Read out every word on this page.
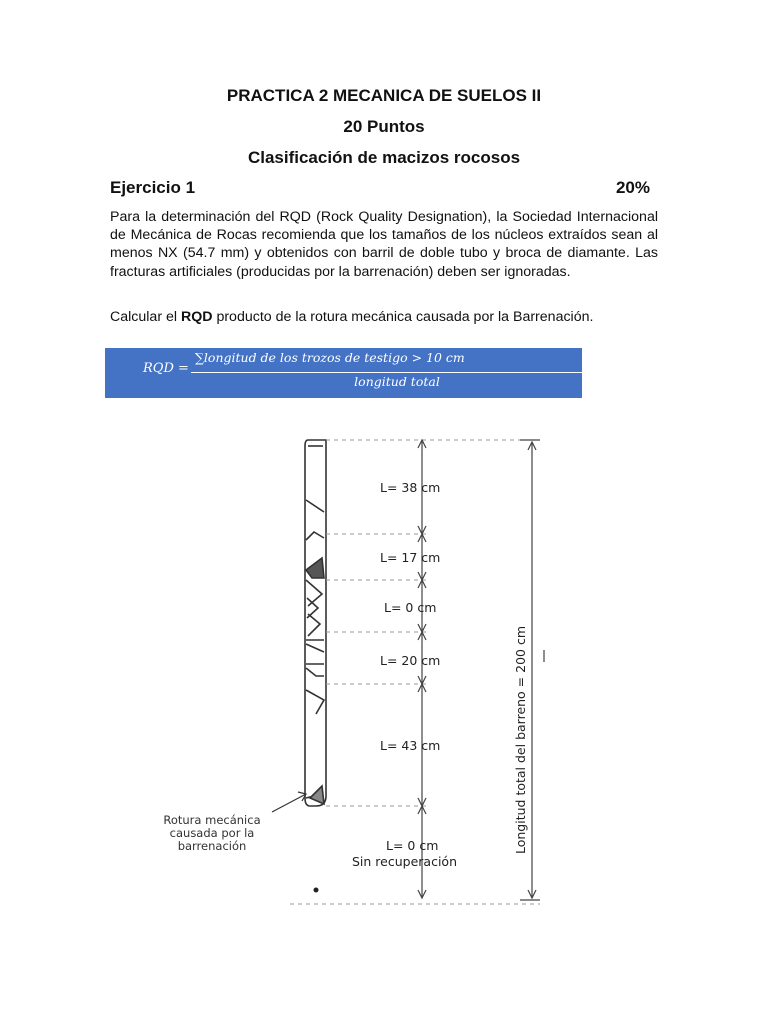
PRACTICA 2 MECANICA DE SUELOS II
20 Puntos
Clasificación de macizos rocosos
Ejercicio 1	20%
Para la determinación del RQD (Rock Quality Designation), la Sociedad Internacional de Mecánica de Rocas recomienda que los tamaños de los núcleos extraídos sean al menos NX (54.7 mm) y obtenidos con barril de doble tubo y broca de diamante. Las fracturas artificiales (producidas por la barrenación) deben ser ignoradas.
Calcular el RQD producto de la rotura mecánica causada por la Barrenación.
RQD =
∑longitud de los trozos de testigo > 10 cm
longitud total
× 100
L= 38 cm
L= 17 cm
L= 0 cm
L= 20 cm
L= 43 cm
L= 0 cm
Sin recuperación
Rotura mecánica
causada por la
barrenación	Longitud total del barreno = 200 cm
